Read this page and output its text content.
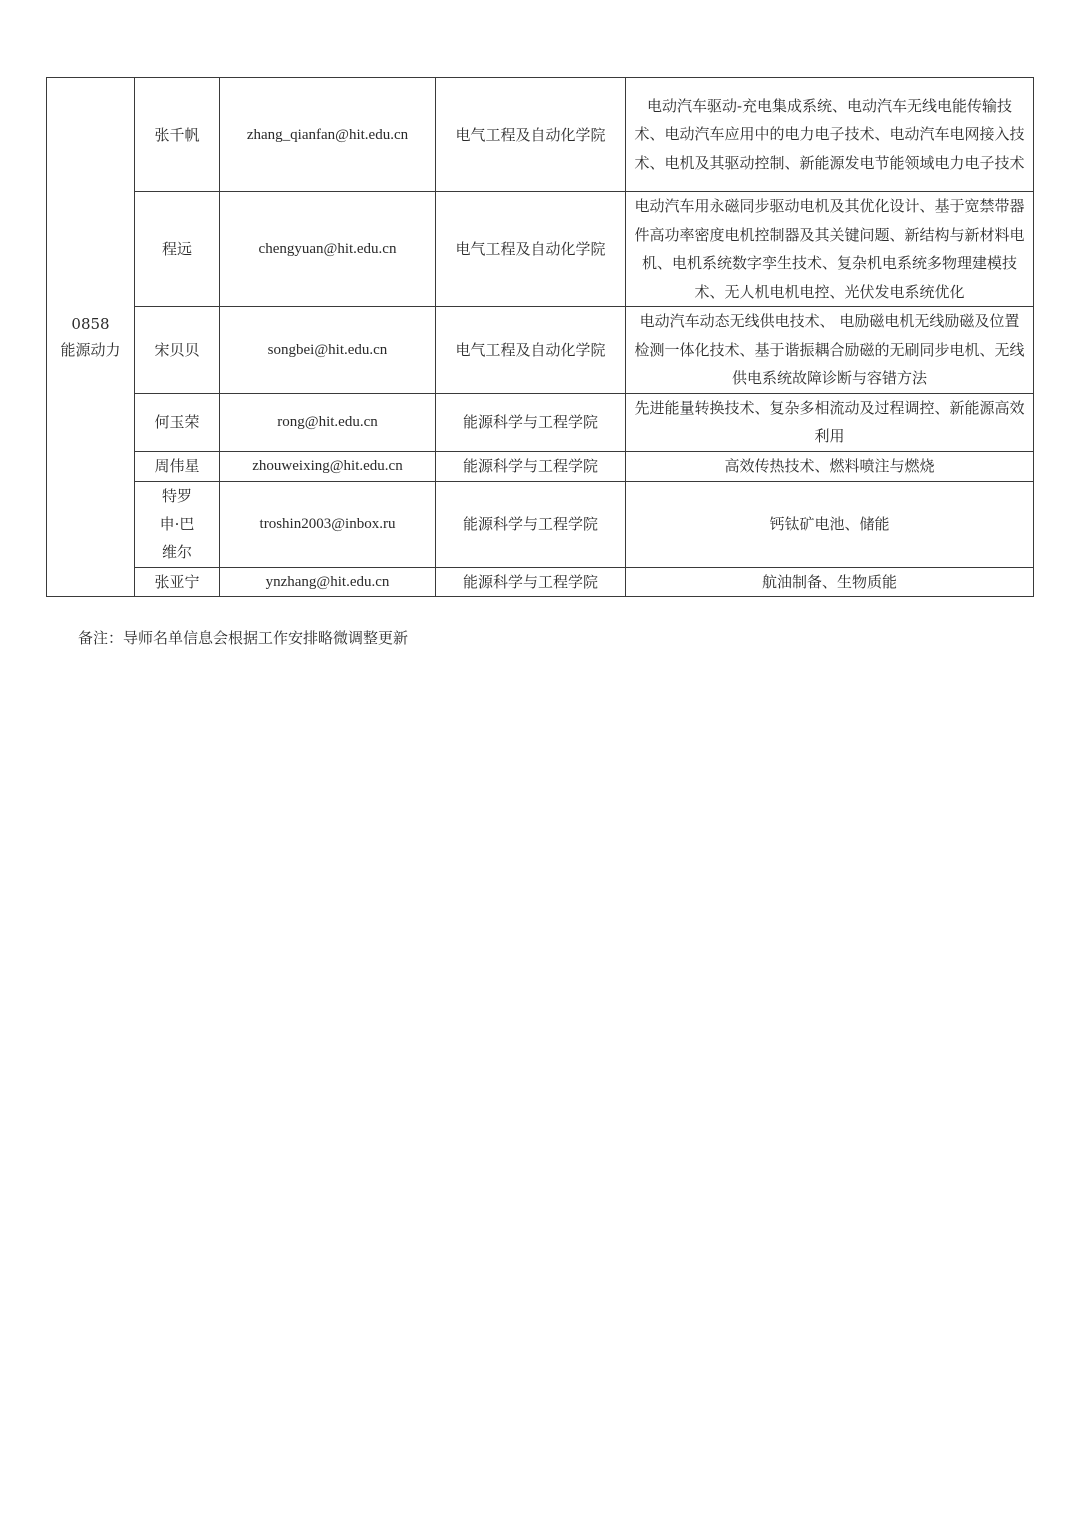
0858
能源动力	张千帆	zhang_qianfan@hit.edu.cn	电气工程及自动化学院	电动汽车驱动-充电集成系统、电动汽车无线电能传输技术、电动汽车应用中的电力电子技术、电动汽车电网接入技术、电机及其驱动控制、新能源发电节能领域电力电子技术
	程远	chengyuan@hit.edu.cn	电气工程及自动化学院	电动汽车用永磁同步驱动电机及其优化设计、基于宽禁带器件高功率密度电机控制器及其关键问题、新结构与新材料电机、电机系统数字孪生技术、复杂机电系统多物理建模技术、无人机电机电控、光伏发电系统优化
	宋贝贝	songbei@hit.edu.cn	电气工程及自动化学院	电动汽车动态无线供电技术、 电励磁电机无线励磁及位置检测一体化技术、基于谐振耦合励磁的无刷同步电机、无线供电系统故障诊断与容错方法
	何玉荣	rong@hit.edu.cn	能源科学与工程学院	先进能量转换技术、复杂多相流动及过程调控、新能源高效利用
	周伟星	zhouweixing@hit.edu.cn	能源科学与工程学院	高效传热技术、燃料喷注与燃烧

	特罗申·巴维尔	troshin2003@inbox.ru	能源科学与工程学院	钙钛矿电池、储能
	张亚宁	ynzhang@hit.edu.cn	能源科学与工程学院	航油制备、生物质能
备注：导师名单信息会根据工作安排略微调整更新
